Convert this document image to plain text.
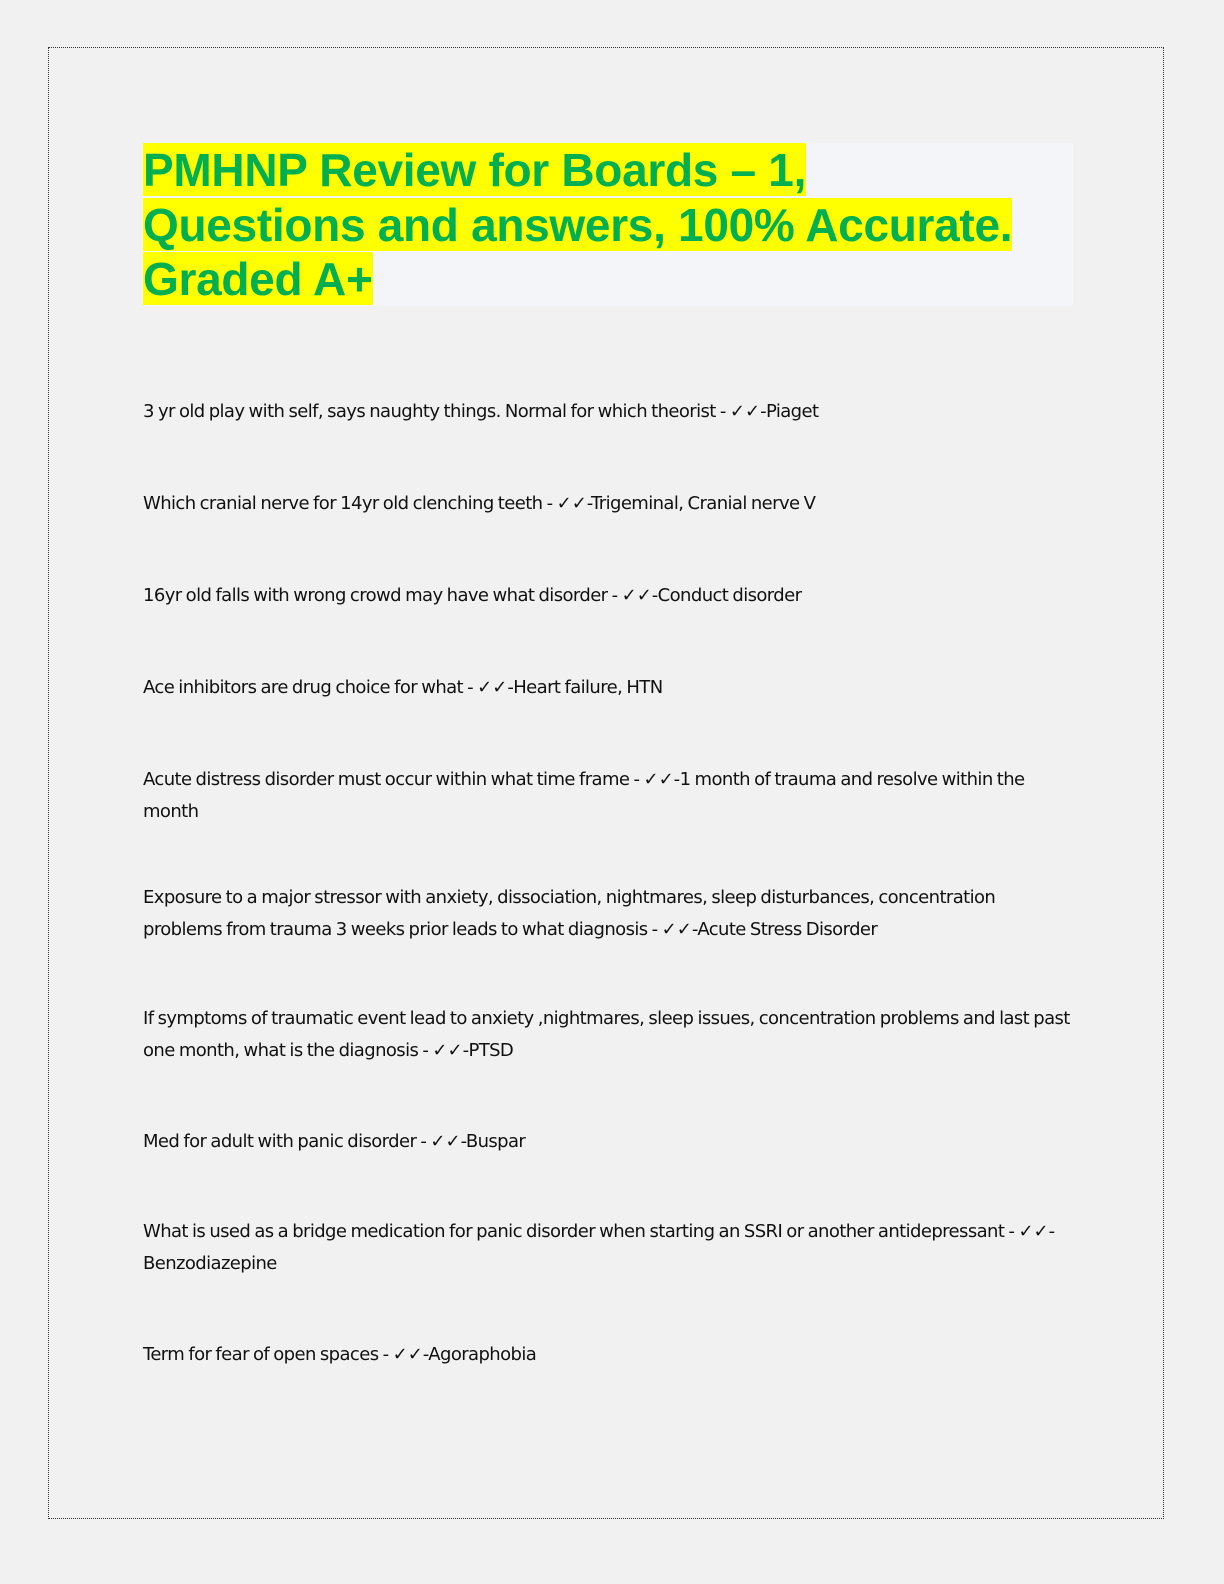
PMHNP Review for Boards – 1,
Questions and answers, 100% Accurate.
Graded A+
3 yr old play with self, says naughty things. Normal for which theorist - ✓✓-Piaget
Which cranial nerve for 14yr old clenching teeth - ✓✓-Trigeminal, Cranial nerve V
16yr old falls with wrong crowd may have what disorder - ✓✓-Conduct disorder
Ace inhibitors are drug choice for what - ✓✓-Heart failure, HTN
Acute distress disorder must occur within what time frame - ✓✓-1 month of trauma and resolve within the month
Exposure to a major stressor with anxiety, dissociation, nightmares, sleep disturbances, concentration problems from trauma 3 weeks prior leads to what diagnosis - ✓✓-Acute Stress Disorder
If symptoms of traumatic event lead to anxiety ,nightmares, sleep issues, concentration problems and last past one month, what is the diagnosis - ✓✓-PTSD
Med for adult with panic disorder - ✓✓-Buspar
What is used as a bridge medication for panic disorder when starting an SSRI or another antidepressant - ✓✓-Benzodiazepine
Term for fear of open spaces - ✓✓-Agoraphobia
